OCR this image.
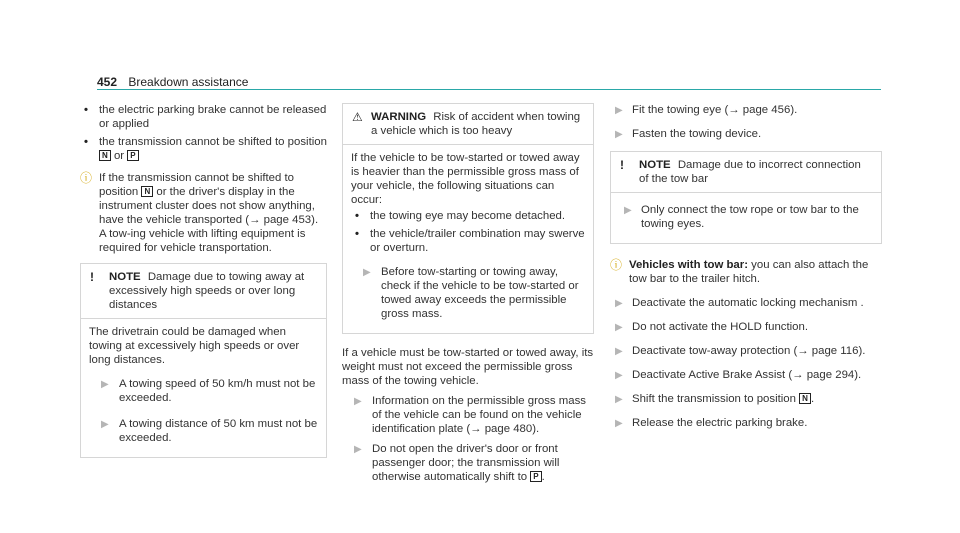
452 Breakdown assistance
• the electric parking brake cannot be released or applied
• the transmission cannot be shifted to position
N or P
ⓘ If the transmission cannot be shifted to position N or the driver's display in the instrument cluster does not show anything, have the vehicle transported (→ page 453). A tow-ing vehicle with lifting equipment is required for vehicle transportation.
! NOTE Damage due to towing away at excessively high speeds or over long distances
The drivetrain could be damaged when towing at excessively high speeds or over long distances.
▶ A towing speed of 50 km/h must not be exceeded.
▶ A towing distance of 50 km must not be exceeded.
⚠ WARNING Risk of accident when towing a vehicle which is too heavy
If the vehicle to be tow-started or towed away is heavier than the permissible gross mass of your vehicle, the following situations can occur:
• the towing eye may become detached.
• the vehicle/trailer combination may swerve or overturn.
▶ Before tow-starting or towing away, check if the vehicle to be tow-started or towed away exceeds the permissible gross mass.
If a vehicle must be tow-started or towed away, its weight must not exceed the permissible gross mass of the towing vehicle.
▶ Information on the permissible gross mass of the vehicle can be found on the vehicle identification plate (→ page 480).
▶ Do not open the driver's door or front passenger door; the transmission will otherwise automatically shift to P .
▶ Fit the towing eye (→ page 456).
▶ Fasten the towing device.
! NOTE Damage due to incorrect connection of the tow bar
▶ Only connect the tow rope or tow bar to the towing eyes.
ⓘ Vehicles with tow bar: you can also attach the tow bar to the trailer hitch.
▶ Deactivate the automatic locking mechanism .
▶ Do not activate the HOLD function.
▶ Deactivate tow-away protection (→ page 116).
▶ Deactivate Active Brake Assist (→ page 294).
▶ Shift the transmission to position N .
▶ Release the electric parking brake.
